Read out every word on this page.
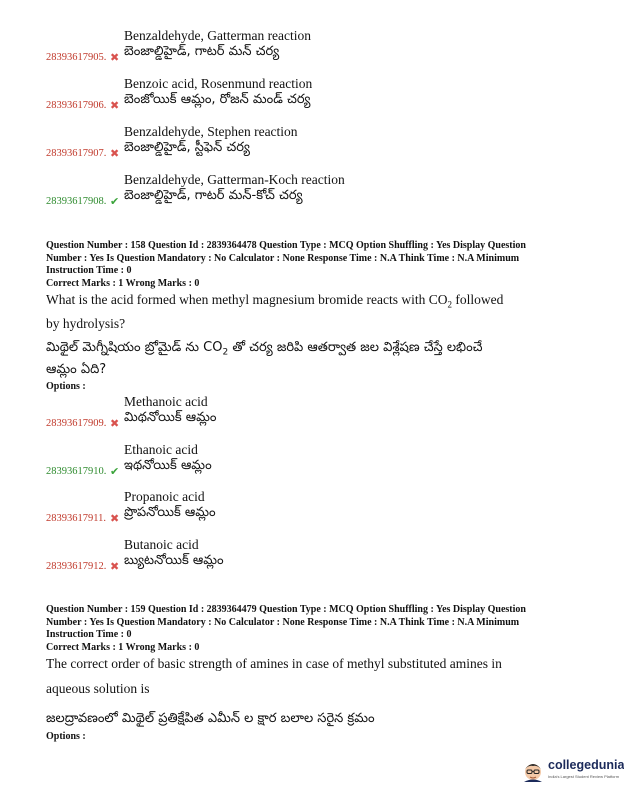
Benzaldehyde, Gatterman reaction
28393617905. ✖ బెంజాల్డిహైడ్, గాటర్ మన్ చర్య
Benzoic acid, Rosenmund reaction
28393617906. ✖ బెంజోయిక్ ఆమ్లం, రోజన్ మండ్ చర్య
Benzaldehyde, Stephen reaction
28393617907. ✖ బెంజాల్డిహైడ్, స్టీఫెన్ చర్య
Benzaldehyde, Gatterman-Koch reaction
28393617908. ✔ బెంజాల్డిహైడ్, గాటర్ మన్-కోచ్ చర్య
Question Number : 158 Question Id : 2839364478 Question Type : MCQ Option Shuffling : Yes Display Question
Number : Yes Is Question Mandatory : No Calculator : None Response Time : N.A Think Time : N.A Minimum
Instruction Time : 0
Correct Marks : 1 Wrong Marks : 0
What is the acid formed when methyl magnesium bromide reacts with $CO_2$ followed
by hydrolysis?
మిథైల్ మెగ్నీషియం బ్రోమైడ్ ను $CO_2$ తో చర్య జరిపి ఆతర్వాత జల విశ్లేషణ చేస్తే లభించే
ఆమ్లం ఏది?
Options :
Methanoic acid
28393617909. ✖ మిథనోయిక్ ఆమ్లం
Ethanoic acid
28393617910. ✔ ఇథనోయిక్ ఆమ్లం
Propanoic acid
28393617911. ✖ ప్రొపనోయిక్ ఆమ్లం
Butanoic acid
28393617912. ✖ బ్యుటనోయిక్ ఆమ్లం
Question Number : 159 Question Id : 2839364479 Question Type : MCQ Option Shuffling : Yes Display Question
Number : Yes Is Question Mandatory : No Calculator : None Response Time : N.A Think Time : N.A Minimum
Instruction Time : 0
Correct Marks : 1 Wrong Marks : 0
The correct order of basic strength of amines in case of methyl substituted amines in
aqueous solution is
జలద్రావణంలో మిథైల్ ప్రతిక్షేపిత ఎమీన్ ల క్షార బలాల సరైన క్రమం
Options :
collegedunia
India's Largest Student Review Platform
